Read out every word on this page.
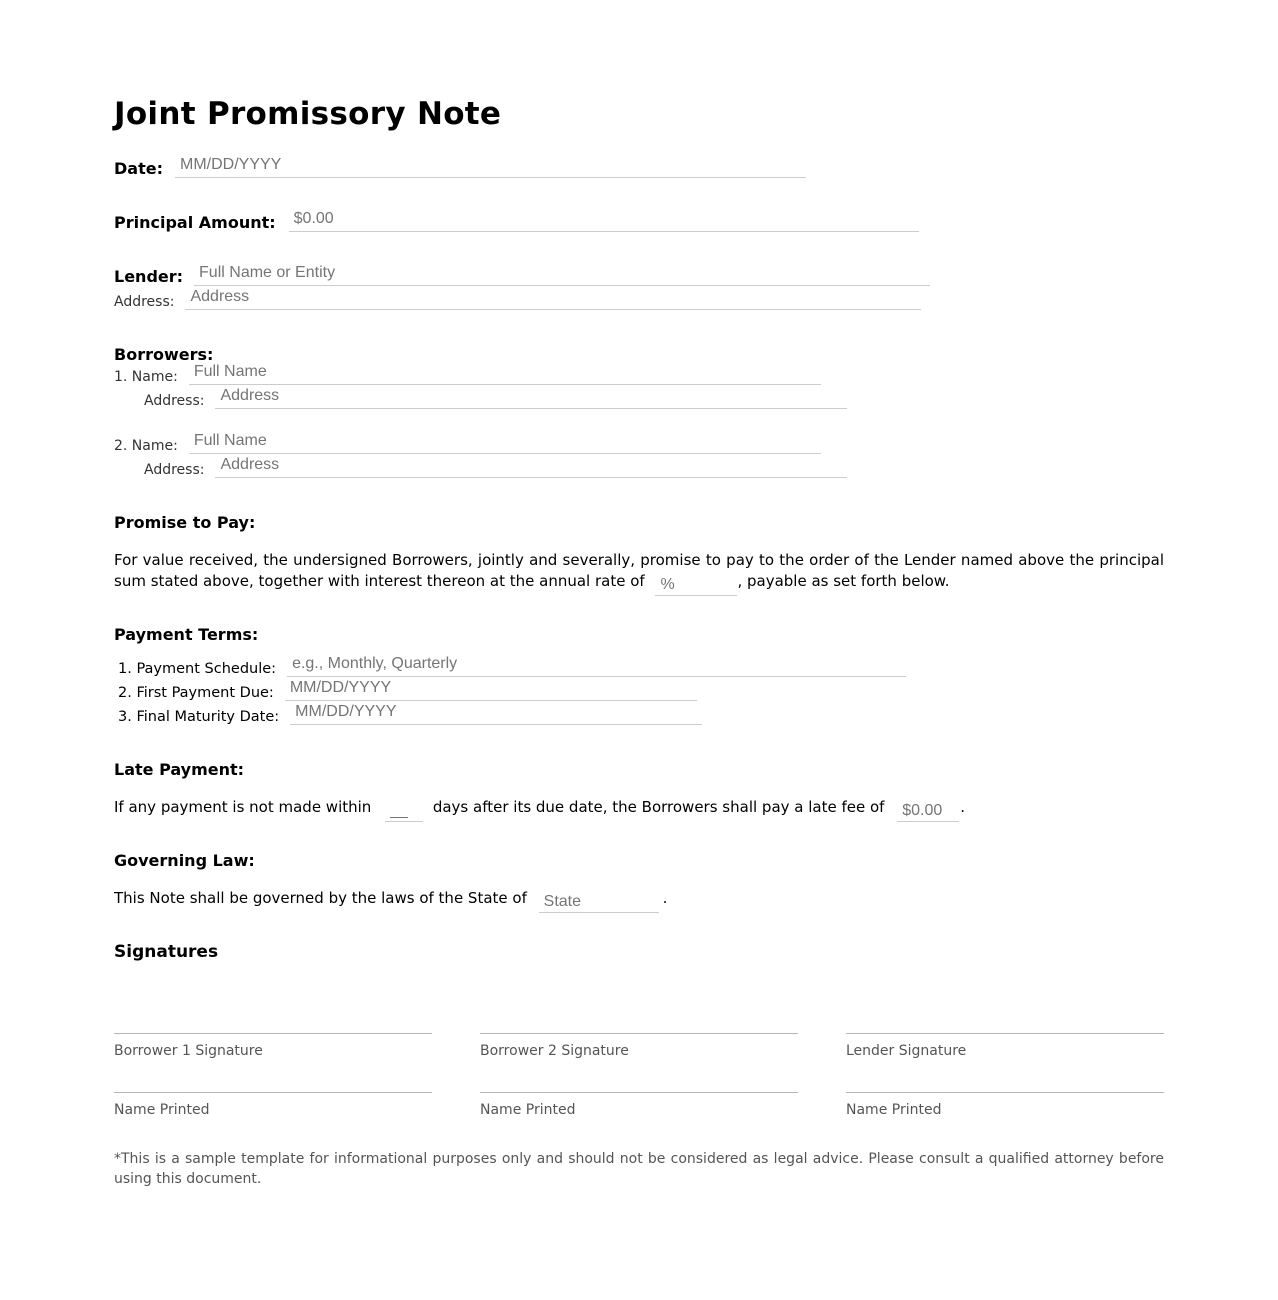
Joint Promissory Note
Date:
MM/DD/YYYY
Principal Amount:
$0.00
Lender:
Full Name or Entity
Address:
Address
Borrowers:
1. Name:
Full Name
Address:
Address
2. Name:
Full Name
Address:
Address
Promise to Pay:
For value received, the undersigned Borrowers, jointly and severally, promise to pay to the order of the Lender named above the principal sum stated above, together with interest thereon at the annual rate of %	, payable as set forth below.
Payment Terms:
1. Payment Schedule:
e.g., Monthly, Quarterly
2. First Payment Due:
MM/DD/YYYY
3. Final Maturity Date:
MM/DD/YYYY
Late Payment:
If any payment is not made within __	days after its due date, the Borrowers shall pay a late fee of $0.00	.
Governing Law:
This Note shall be governed by the laws of the State of State	.
Signatures
Borrower 1 Signature
Name Printed
Borrower 2 Signature
Name Printed
Lender Signature
Name Printed
*This is a sample template for informational purposes only and should not be considered as legal advice. Please consult a qualified attorney before using this document.
